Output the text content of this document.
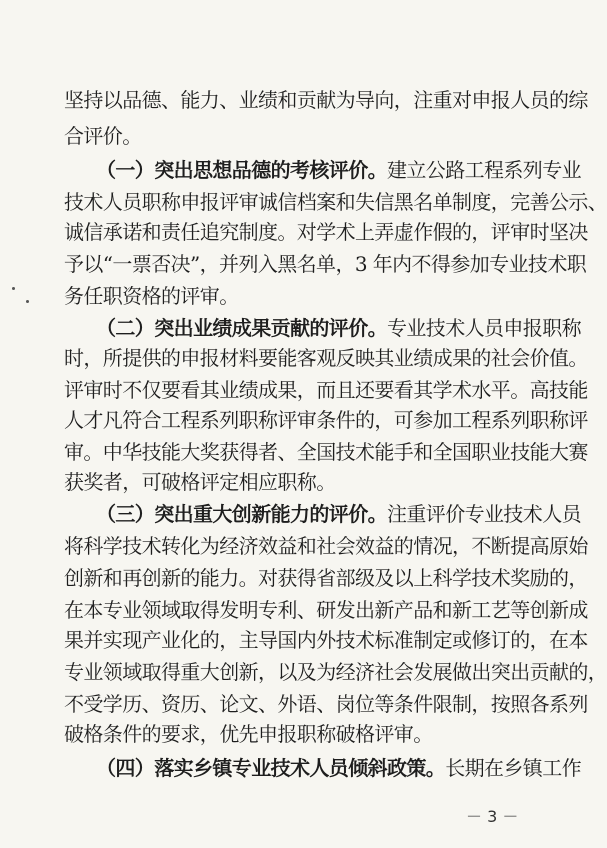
坚持以品德、能力、业绩和贡献为导向，注重对申报人员的综
合评价。
（一）突出思想品德的考核评价。建立公路工程系列专业
技术人员职称申报评审诚信档案和失信黑名单制度，完善公示、
诚信承诺和责任追究制度。对学术上弄虚作假的，评审时坚决
予以“一票否决”，并列入黑名单，3 年内不得参加专业技术职
务任职资格的评审。
（二）突出业绩成果贡献的评价。专业技术人员申报职称
时，所提供的申报材料要能客观反映其业绩成果的社会价值。
评审时不仅要看其业绩成果，而且还要看其学术水平。高技能
人才凡符合工程系列职称评审条件的，可参加工程系列职称评
审。中华技能大奖获得者、全国技术能手和全国职业技能大赛
获奖者，可破格评定相应职称。
（三）突出重大创新能力的评价。注重评价专业技术人员
将科学技术转化为经济效益和社会效益的情况，不断提高原始
创新和再创新的能力。对获得省部级及以上科学技术奖励的，
在本专业领域取得发明专利、研发出新产品和新工艺等创新成
果并实现产业化的，主导国内外技术标准制定或修订的，在本
专业领域取得重大创新，以及为经济社会发展做出突出贡献的，
不受学历、资历、论文、外语、岗位等条件限制，按照各系列
破格条件的要求，优先申报职称破格评审。
（四）落实乡镇专业技术人员倾斜政策。长期在乡镇工作
－ 3 －
